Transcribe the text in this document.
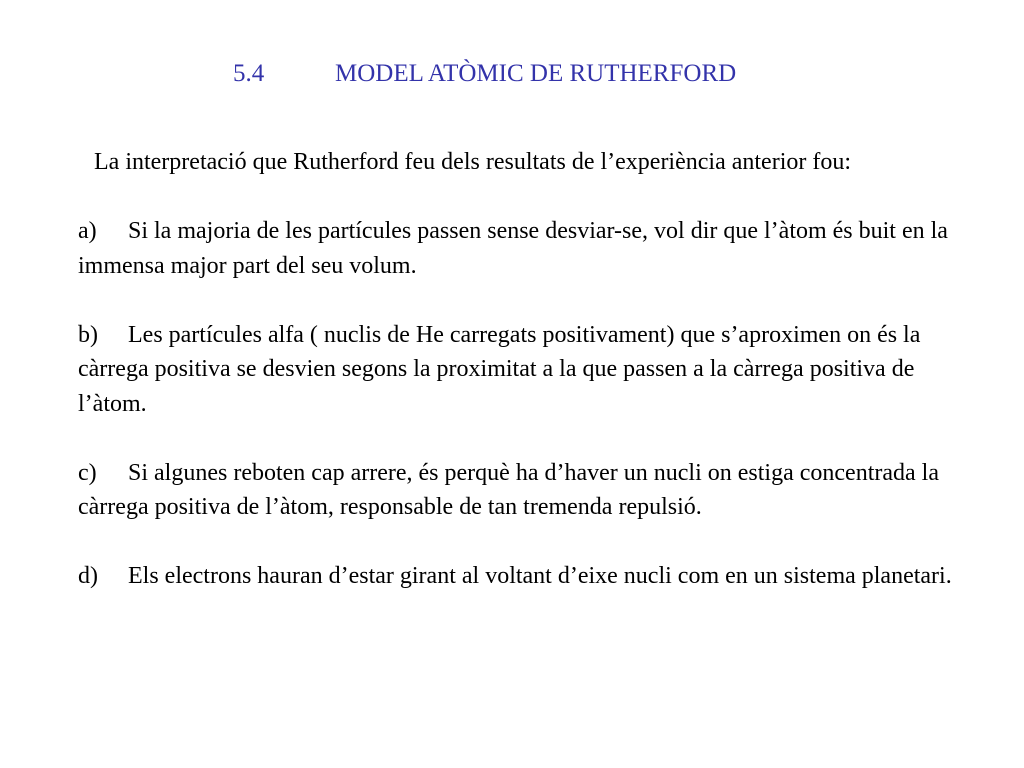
5.4	MODEL ATÒMIC DE RUTHERFORD

La interpretació que Rutherford feu dels resultats de l’experiència anterior fou:

a) Si la majoria de les partícules passen sense desviar-se, vol dir que l’àtom és buit en la immensa major part del seu volum.

b) Les partícules alfa ( nuclis de He carregats positivament) que s’aproximen on és la càrrega positiva se desvien segons la proximitat a la que passen a la càrrega positiva de l’àtom.

c) Si algunes reboten cap arrere, és perquè ha d’haver un nucli on estiga concentrada la càrrega positiva de l’àtom, responsable de tan tremenda repulsió.

d) Els electrons hauran d’estar girant al voltant d’eixe nucli com en un sistema planetari.
